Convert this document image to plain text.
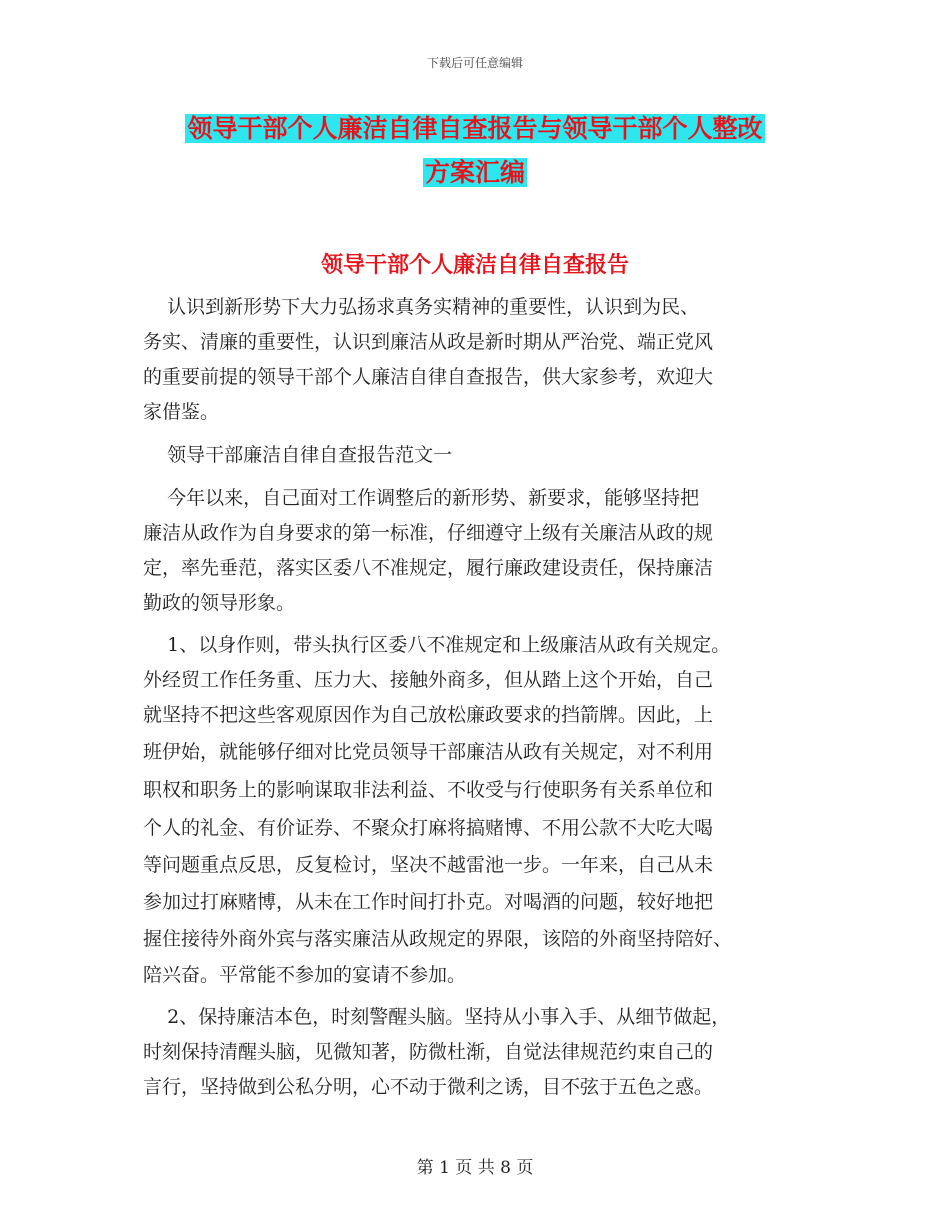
下载后可任意编辑
领导干部个人廉洁自律自查报告与领导干部个人整改
方案汇编
领导干部个人廉洁自律自查报告
认识到新形势下大力弘扬求真务实精神的重要性，认识到为民、
务实、清廉的重要性，认识到廉洁从政是新时期从严治党、端正党风
的重要前提的领导干部个人廉洁自律自查报告，供大家参考，欢迎大
家借鉴。
领导干部廉洁自律自查报告范文一
今年以来，自己面对工作调整后的新形势、新要求，能够坚持把
廉洁从政作为自身要求的第一标准，仔细遵守上级有关廉洁从政的规
定，率先垂范，落实区委八不准规定，履行廉政建设责任，保持廉洁
勤政的领导形象。
1、以身作则，带头执行区委八不准规定和上级廉洁从政有关规定。
外经贸工作任务重、压力大、接触外商多，但从踏上这个开始，自己
就坚持不把这些客观原因作为自己放松廉政要求的挡箭牌。因此，上
班伊始，就能够仔细对比党员领导干部廉洁从政有关规定，对不利用
职权和职务上的影响谋取非法利益、不收受与行使职务有关系单位和
个人的礼金、有价证券、不聚众打麻将搞赌博、不用公款不大吃大喝
等问题重点反思，反复检讨，坚决不越雷池一步。一年来，自己从未
参加过打麻赌博，从未在工作时间打扑克。对喝酒的问题，较好地把
握住接待外商外宾与落实廉洁从政规定的界限，该陪的外商坚持陪好、
陪兴奋。平常能不参加的宴请不参加。
2、保持廉洁本色，时刻警醒头脑。坚持从小事入手、从细节做起，
时刻保持清醒头脑，见微知著，防微杜渐，自觉法律规范约束自己的
言行，坚持做到公私分明，心不动于微利之诱，目不弦于五色之惑。
第 1 页 共 8 页
